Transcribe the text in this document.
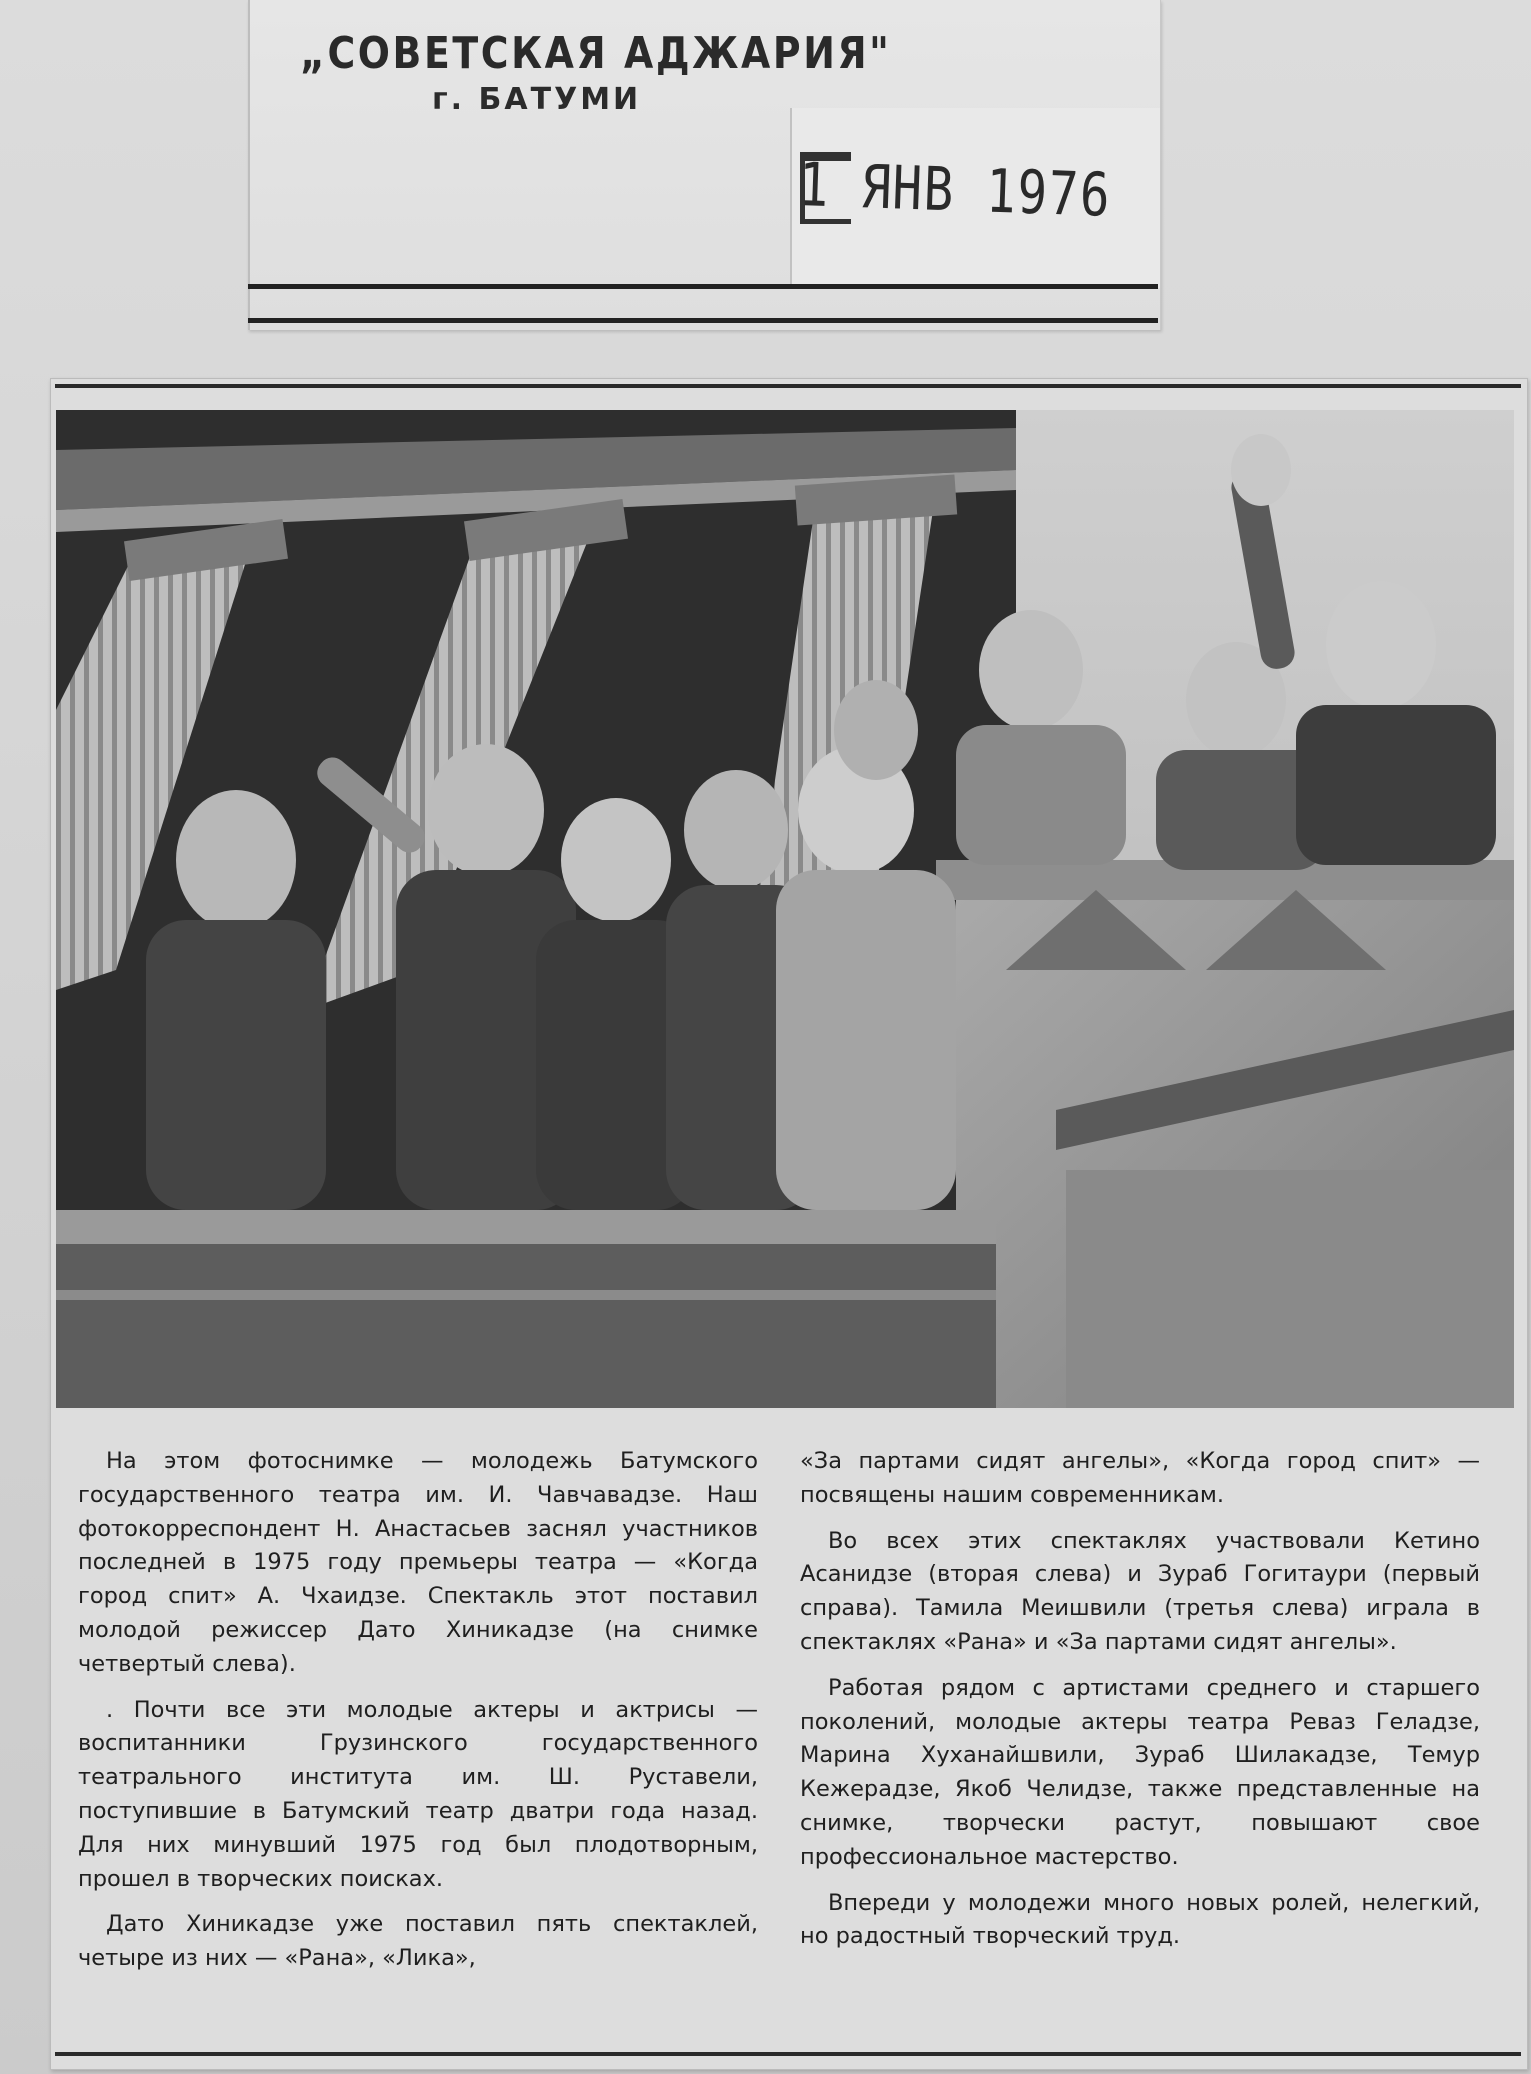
„СОВЕТСКАЯ АДЖАРИЯ"
г. БАТУМИ
1 ЯНВ 1976

На этом фотоснимке — молодежь Батумского государственного театра им. И. Чавчавадзе. Наш фотокорреспондент Н. Анастасьев заснял участников последней в 1975 году премьеры театра — «Когда город спит» А. Чхаидзе. Спектакль этот поставил молодой режиссер Дато Хиникадзе (на снимке четвертый слева).

. Почти все эти молодые актеры и актрисы — воспитанники Грузинского государственного театрального института им. Ш. Руставели, поступившие в Батумский театр дватри года назад. Для них минувший 1975 год был плодотворным, прошел в творческих поисках.

Дато Хиникадзе уже поставил пять спектаклей, четыре из них — «Рана», «Лика»,

«За партами сидят ангелы», «Когда город спит» — посвящены нашим современникам.

Во всех этих спектаклях участвовали Кетино Асанидзе (вторая слева) и Зураб Гогитаури (первый справа). Тамила Меишвили (третья слева) играла в спектаклях «Рана» и «За партами сидят ангелы».

Работая рядом с артистами среднего и старшего поколений, молодые актеры театра Реваз Геладзе, Марина Хуханайшвили, Зураб Шилакадзе, Темур Кежерадзе, Якоб Челидзе, также представленные на снимке, творчески растут, повышают свое профессиональное мастерство.

Впереди у молодежи много новых ролей, нелегкий, но радостный творческий труд.
